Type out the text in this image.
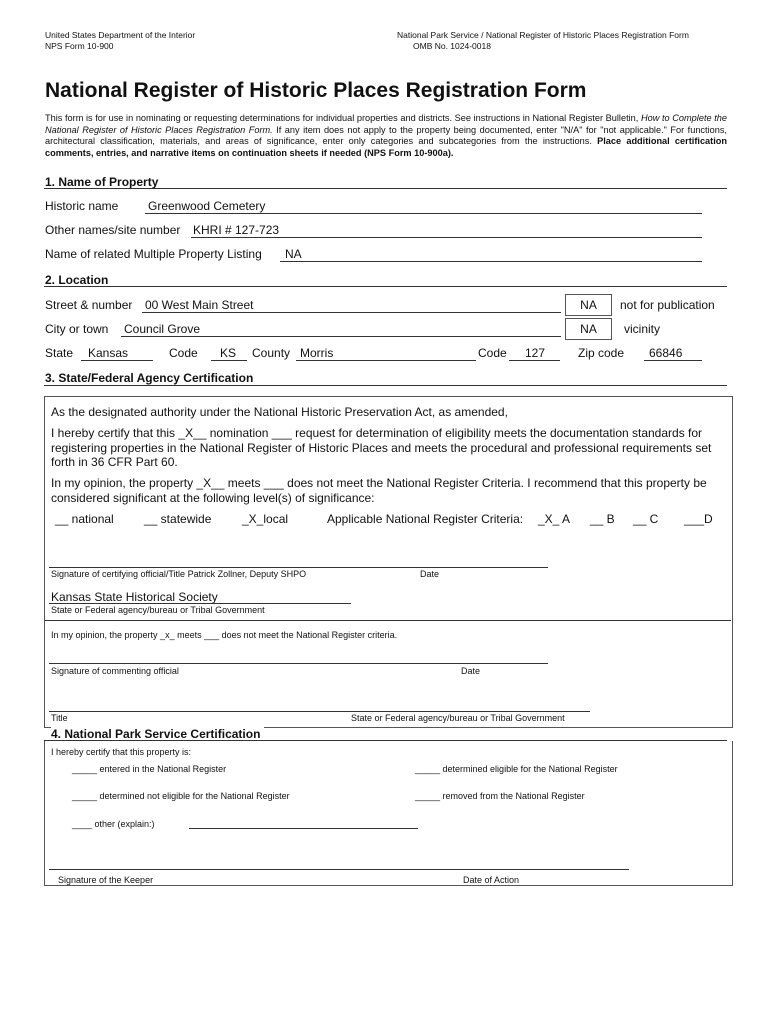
United States Department of the Interior
NPS Form 10-900
National Park Service / National Register of Historic Places Registration Form
OMB No. 1024-0018
National Register of Historic Places Registration Form
This form is for use in nominating or requesting determinations for individual properties and districts. See instructions in National Register Bulletin, How to Complete the National Register of Historic Places Registration Form. If any item does not apply to the property being documented, enter "N/A" for "not applicable." For functions, architectural classification, materials, and areas of significance, enter only categories and subcategories from the instructions. Place additional certification comments, entries, and narrative items on continuation sheets if needed (NPS Form 10-900a).
1. Name of Property
Historic name Greenwood Cemetery
Other names/site number KHRI # 127-723
Name of related Multiple Property Listing NA
2. Location
Street & number 00 West Main Street	NA	not for publication
City or town Council Grove	NA	vicinity
State Kansas	Code KS County Morris	Code 127	Zip code 66846
3. State/Federal Agency Certification
As the designated authority under the National Historic Preservation Act, as amended,
I hereby certify that this _X__ nomination ___ request for determination of eligibility meets the documentation standards for registering properties in the National Register of Historic Places and meets the procedural and professional requirements set forth in 36 CFR Part 60.
In my opinion, the property _X__ meets ___ does not meet the National Register Criteria. I recommend that this property be considered significant at the following level(s) of significance:
__ national	__ statewide	_X_local	Applicable National Register Criteria: _X_ A __ B __ C ___D
Signature of certifying official/Title Patrick Zollner, Deputy SHPO	Date
Kansas State Historical Society
State or Federal agency/bureau or Tribal Government
In my opinion, the property _x_ meets ___ does not meet the National Register criteria.
Signature of commenting official	Date
Title	State or Federal agency/bureau or Tribal Government
4. National Park Service Certification
I hereby certify that this property is:
_____ entered in the National Register	_____ determined eligible for the National Register
_____ determined not eligible for the National Register	_____ removed from the National Register
____ other (explain:)
Signature of the Keeper	Date of Action
